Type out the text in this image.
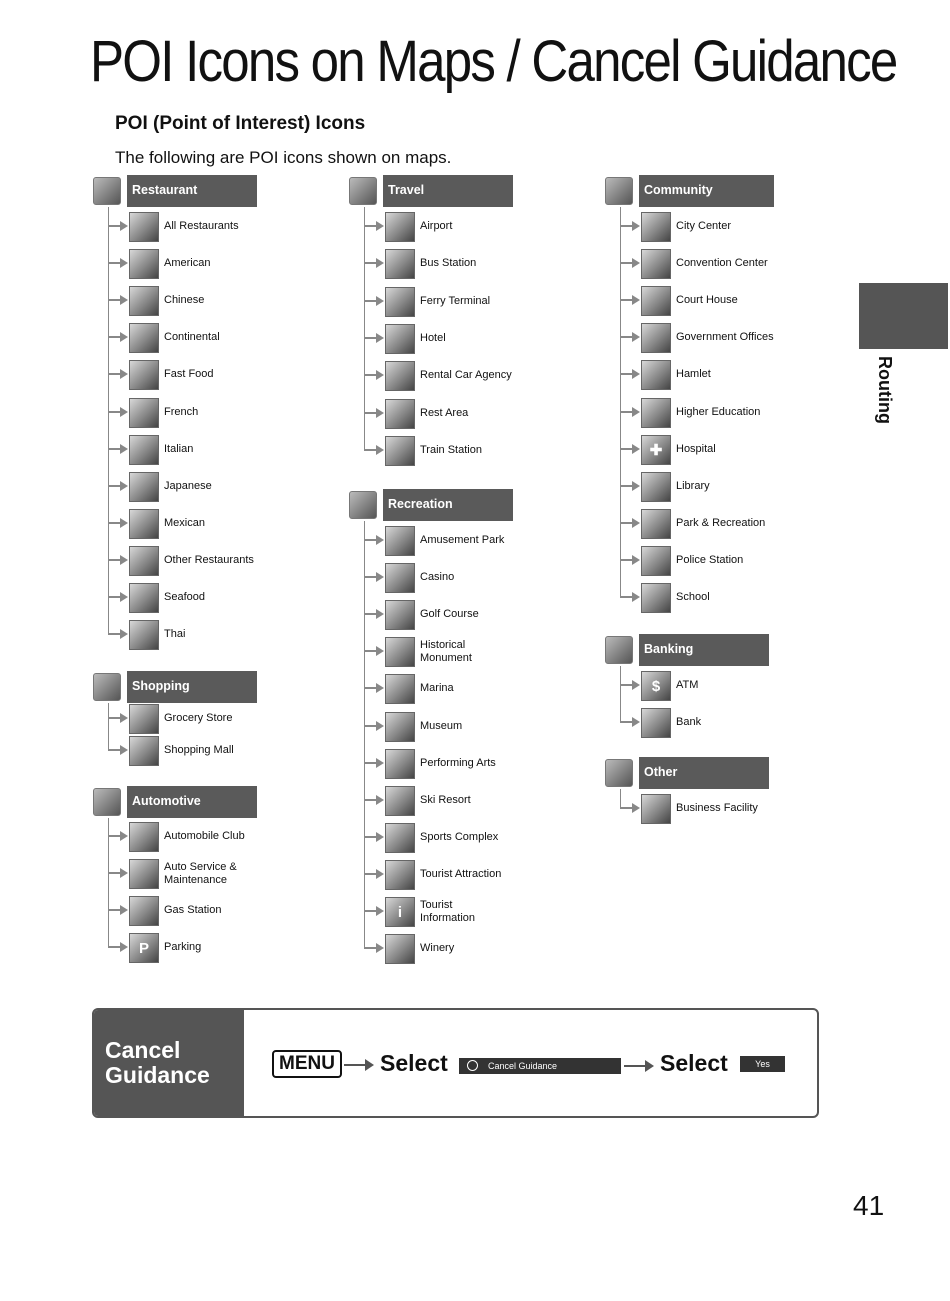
POI Icons on Maps / Cancel Guidance
POI (Point of Interest) Icons
The following are POI icons shown on maps.
Routing
Restaurant
All Restaurants
American
Chinese
Continental
Fast Food
French
Italian
Japanese
Mexican
Other Restaurants
Seafood
Thai
Shopping
Grocery Store
Shopping Mall
Automotive
Automobile Club
Auto Service & Maintenance
Gas Station
P	Parking
Travel
Airport
Bus Station
Ferry Terminal
Hotel
Rental Car Agency
Rest Area
Train Station
Recreation
Amusement Park
Casino
Golf Course
Historical Monument
Marina
Museum
Performing Arts
Ski Resort
Sports Complex
Tourist Attraction
i	Tourist Information
Winery
Community
City Center
Convention Center
Court House
Government Offices
Hamlet
Higher Education
✚	Hospital
Library
Park & Recreation
Police Station
School
Banking
$	ATM
Bank
Other
Business Facility
Cancel Guidance	MENU	Select	Cancel Guidance	Select	Yes
41
